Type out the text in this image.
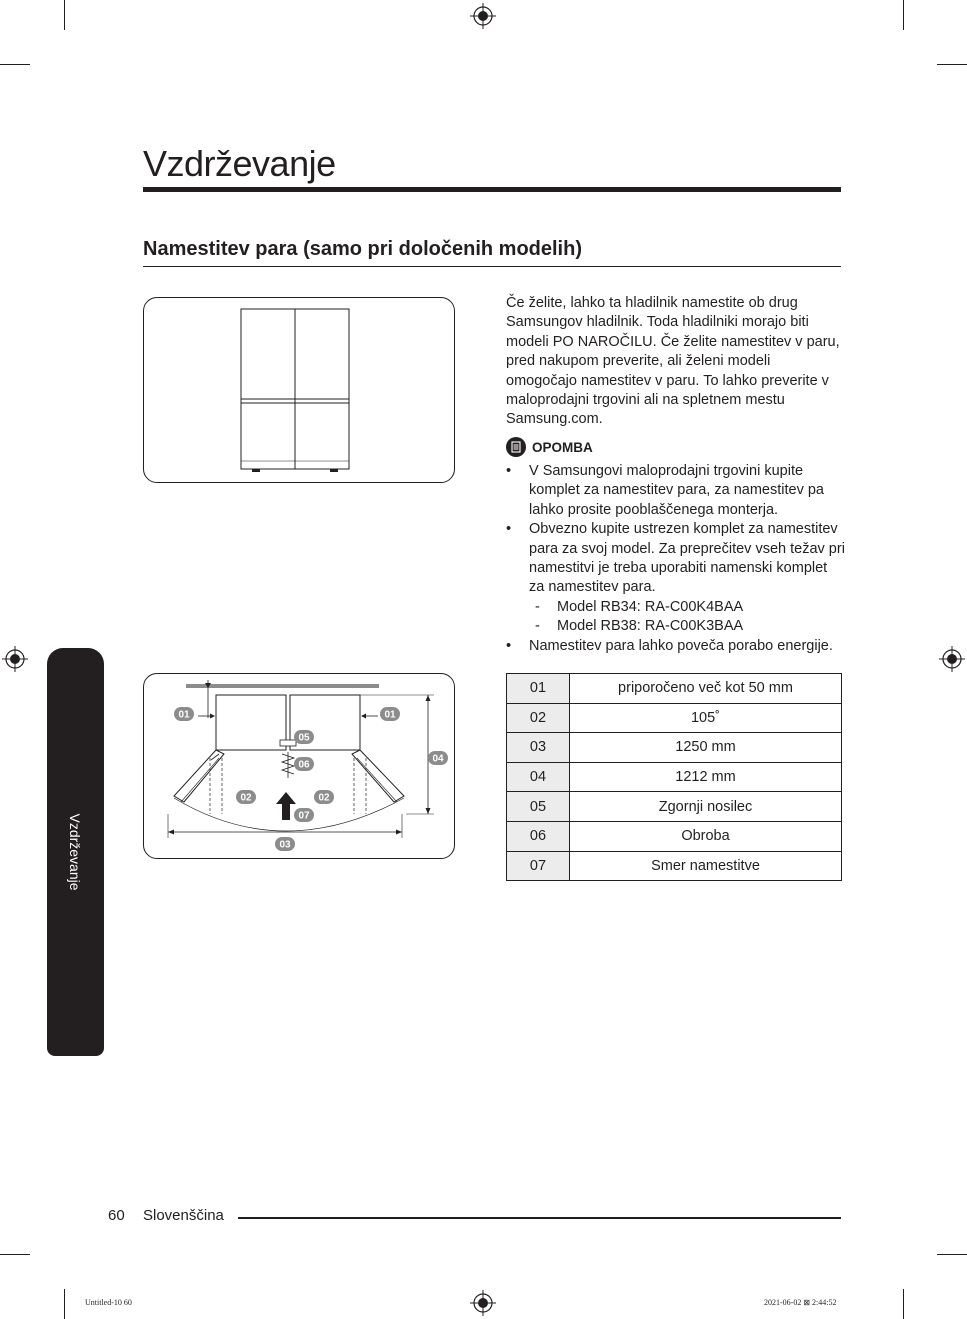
Vzdrževanje
Namestitev para (samo pri določenih modelih)

Če želite, lahko ta hladilnik namestite ob drug Samsungov hladilnik. Toda hladilniki morajo biti modeli PO NAROČILU. Če želite namestitev v paru, pred nakupom preverite, ali želeni modeli omogočajo namestitev v paru. To lahko preverite v maloprodajni trgovini ali na spletnem mestu Samsung.com.

OPOMBA
• V Samsungovi maloprodajni trgovini kupite komplet za namestitev para, za namestitev pa lahko prosite pooblaščenega monterja.
• Obvezno kupite ustrezen komplet za namestitev para za svoj model. Za preprečitev vseh težav pri namestitvi je treba uporabiti namenski komplet za namestitev para.
- Model RB34: RA-C00K4BAA
- Model RB38: RA-C00K3BAA
• Namestitev para lahko poveča porabo energije.
01	01
05
06
02	02
07
04
03
01	priporočeno več kot 50 mm
02	105˚
03	1250 mm
04	1212 mm
05	Zgornji nosilec
06	Obroba
07	Smer namestitve
Vzdrževanje
60 Slovenščina
Untitled-10 60	2021-06-02 ⊠ 2:44:52
